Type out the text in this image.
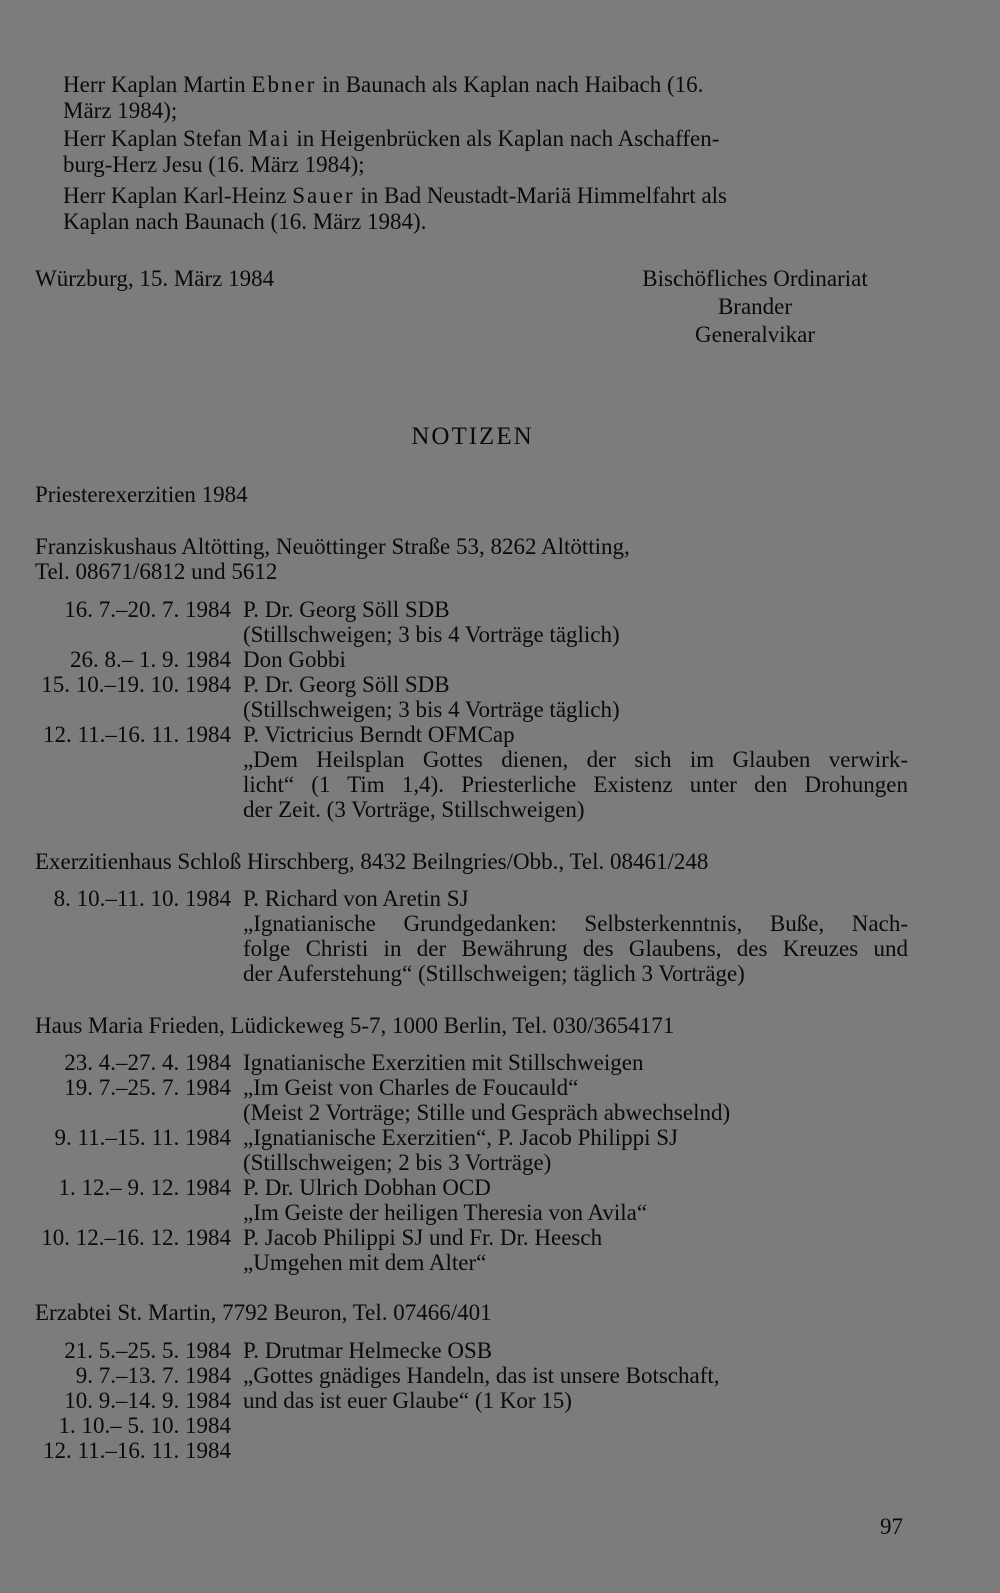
Herr Kaplan Martin Ebner in Baunach als Kaplan nach Haibach (16.
März 1984);
Herr Kaplan Stefan Mai in Heigenbrücken als Kaplan nach Aschaffen-
burg-Herz Jesu (16. März 1984);
Herr Kaplan Karl-Heinz Sauer in Bad Neustadt-Mariä Himmelfahrt als
Kaplan nach Baunach (16. März 1984).
Würzburg, 15. März 1984	Bischöfliches Ordinariat
Brander
Generalvikar
NOTIZEN
Priesterexerzitien 1984
Franziskushaus Altötting, Neuöttinger Straße 53, 8262 Altötting,
Tel. 08671/6812 und 5612
16. 7.–20. 7. 1984 P. Dr. Georg Söll SDB
(Stillschweigen; 3 bis 4 Vorträge täglich)
26. 8.– 1. 9. 1984 Don Gobbi
15. 10.–19. 10. 1984 P. Dr. Georg Söll SDB
(Stillschweigen; 3 bis 4 Vorträge täglich)
12. 11.–16. 11. 1984 P. Victricius Berndt OFMCap
„Dem Heilsplan Gottes dienen, der sich im Glauben verwirk-
licht“ (1 Tim 1,4). Priesterliche Existenz unter den Drohungen
der Zeit. (3 Vorträge, Stillschweigen)
Exerzitienhaus Schloß Hirschberg, 8432 Beilngries/Obb., Tel. 08461/248
8. 10.–11. 10. 1984 P. Richard von Aretin SJ
„Ignatianische Grundgedanken: Selbsterkenntnis, Buße, Nach-
folge Christi in der Bewährung des Glaubens, des Kreuzes und
der Auferstehung“ (Stillschweigen; täglich 3 Vorträge)
Haus Maria Frieden, Lüdickeweg 5-7, 1000 Berlin, Tel. 030/3654171
23. 4.–27. 4. 1984 Ignatianische Exerzitien mit Stillschweigen
19. 7.–25. 7. 1984 „Im Geist von Charles de Foucauld“
(Meist 2 Vorträge; Stille und Gespräch abwechselnd)
9. 11.–15. 11. 1984 „Ignatianische Exerzitien“, P. Jacob Philippi SJ
(Stillschweigen; 2 bis 3 Vorträge)
1. 12.– 9. 12. 1984 P. Dr. Ulrich Dobhan OCD
„Im Geiste der heiligen Theresia von Avila“
10. 12.–16. 12. 1984 P. Jacob Philippi SJ und Fr. Dr. Heesch
„Umgehen mit dem Alter“
Erzabtei St. Martin, 7792 Beuron, Tel. 07466/401
21. 5.–25. 5. 1984 P. Drutmar Helmecke OSB
9. 7.–13. 7. 1984 „Gottes gnädiges Handeln, das ist unsere Botschaft,
10. 9.–14. 9. 1984 und das ist euer Glaube“ (1 Kor 15)
1. 10.– 5. 10. 1984
12. 11.–16. 11. 1984
97
